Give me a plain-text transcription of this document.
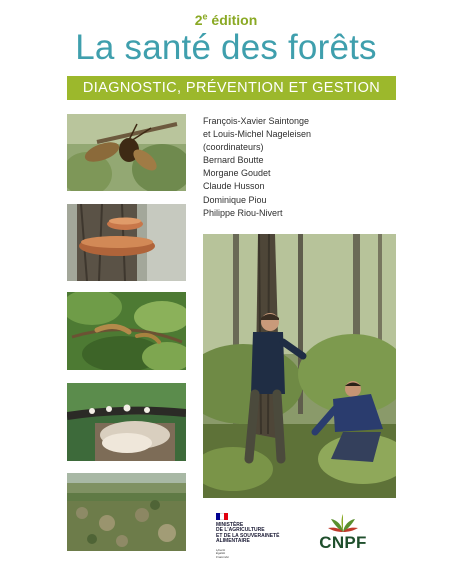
2e édition
La santé des forêts
DIAGNOSTIC, PRÉVENTION ET GESTION
François-Xavier Saintonge
et Louis-Michel Nageleisen
(coordinateurs)
Bernard Boutte
Morgane Goudet
Claude Husson
Dominique Piou
Philippe Riou-Nivert
MINISTÈRE
DE L'AGRICULTURE
ET DE LA SOUVERAINETÉ
ALIMENTAIRE
Liberté
Égalité
Fraternité
CNPF
